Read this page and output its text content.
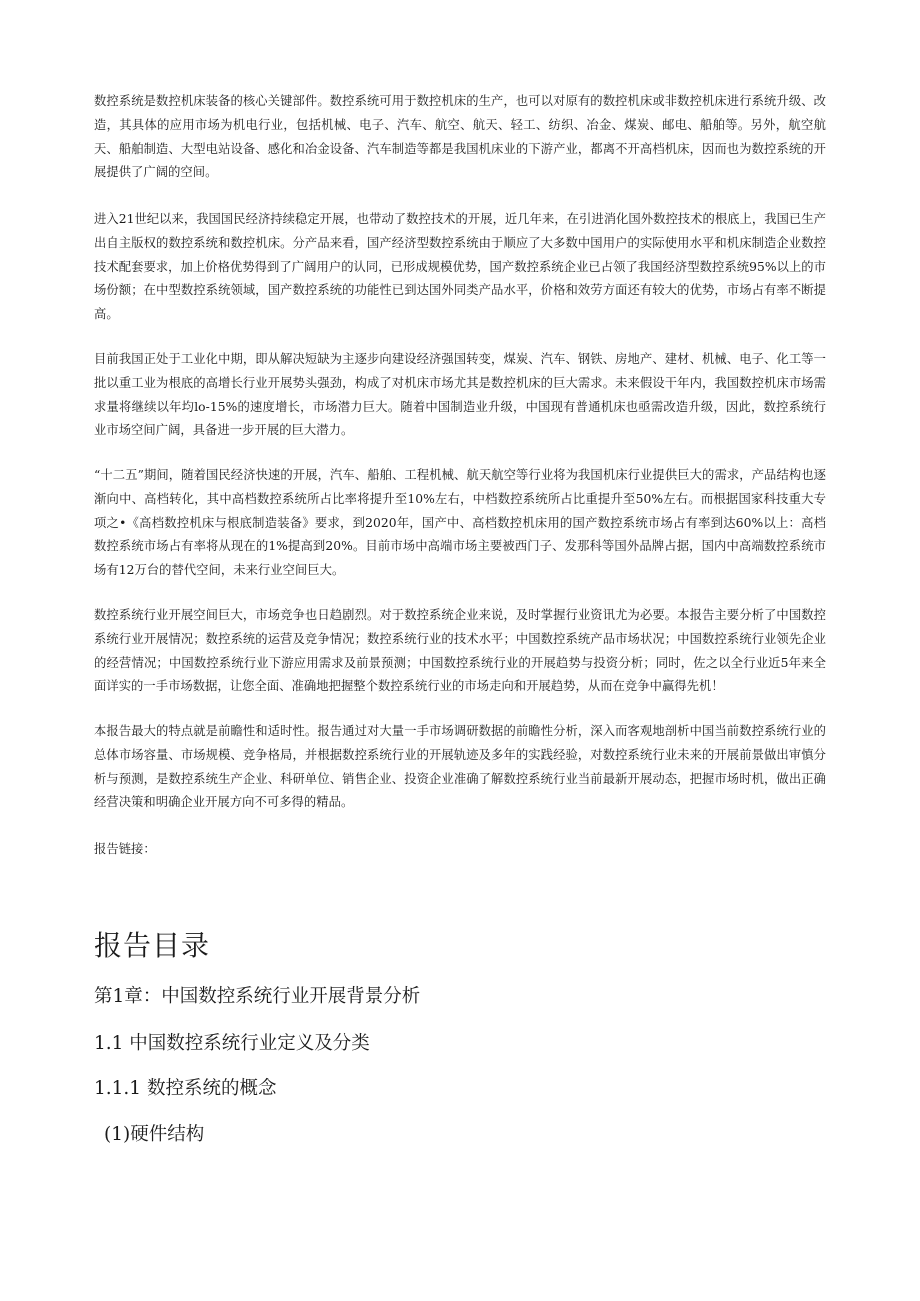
数控系统是数控机床装备的核心关键部件。数控系统可用于数控机床的生产，也可以对原有的数控机床或非数控机床进行系统升级、改造，其具体的应用市场为机电行业，包括机械、电子、汽车、航空、航天、轻工、纺织、冶金、煤炭、邮电、船舶等。另外，航空航天、船舶制造、大型电站设备、感化和冶金设备、汽车制造等都是我国机床业的下游产业，都离不开高档机床，因而也为数控系统的开展提供了广阔的空间。

进入21世纪以来，我国国民经济持续稳定开展，也带动了数控技术的开展，近几年来，在引进消化国外数控技术的根底上，我国已生产出自主版权的数控系统和数控机床。分产品来看，国产经济型数控系统由于顺应了大多数中国用户的实际使用水平和机床制造企业数控技术配套要求，加上价格优势得到了广阔用户的认同，已形成规模优势，国产数控系统企业已占领了我国经济型数控系统95%以上的市场份额；在中型数控系统领域，国产数控系统的功能性已到达国外同类产品水平，价格和效劳方面还有较大的优势，市场占有率不断提高。

目前我国正处于工业化中期，即从解决短缺为主逐步向建设经济强国转变，煤炭、汽车、钢铁、房地产、建材、机械、电子、化工等一批以重工业为根底的高增长行业开展势头强劲，构成了对机床市场尤其是数控机床的巨大需求。未来假设干年内，我国数控机床市场需求量将继续以年均lo-15%的速度增长，市场潜力巨大。随着中国制造业升级，中国现有普通机床也亟需改造升级，因此，数控系统行业市场空间广阔，具备进一步开展的巨大潜力。

“十二五”期间，随着国民经济快速的开展，汽车、船舶、工程机械、航天航空等行业将为我国机床行业提供巨大的需求，产品结构也逐渐向中、高档转化，其中高档数控系统所占比率将提升至10%左右，中档数控系统所占比重提升至50%左右。而根据国家科技重大专项之•《高档数控机床与根底制造装备》要求，到2020年，国产中、高档数控机床用的国产数控系统市场占有率到达60%以上：高档数控系统市场占有率将从现在的1%提高到20%。目前市场中高端市场主要被西门子、发那科等国外品牌占据，国内中高端数控系统市场有12万台的替代空间，未来行业空间巨大。

数控系统行业开展空间巨大，市场竞争也日趋剧烈。对于数控系统企业来说，及时掌握行业资讯尤为必要。本报告主要分析了中国数控系统行业开展情况；数控系统的运营及竞争情况；数控系统行业的技术水平；中国数控系统产品市场状况；中国数控系统行业领先企业的经营情况；中国数控系统行业下游应用需求及前景预测；中国数控系统行业的开展趋势与投资分析；同时，佐之以全行业近5年来全面详实的一手市场数据，让您全面、准确地把握整个数控系统行业的市场走向和开展趋势，从而在竞争中赢得先机！

本报告最大的特点就是前瞻性和适时性。报告通过对大量一手市场调研数据的前瞻性分析，深入而客观地剖析中国当前数控系统行业的总体市场容量、市场规模、竞争格局，并根据数控系统行业的开展轨迹及多年的实践经验，对数控系统行业未来的开展前景做出审慎分析与预测，是数控系统生产企业、科研单位、销售企业、投资企业准确了解数控系统行业当前最新开展动态，把握市场时机，做出正确经营决策和明确企业开展方向不可多得的精品。

报告链接：

报告目录
第1章：中国数控系统行业开展背景分析
1.1 中国数控系统行业定义及分类
1.1.1 数控系统的概念
(1)硬件结构
